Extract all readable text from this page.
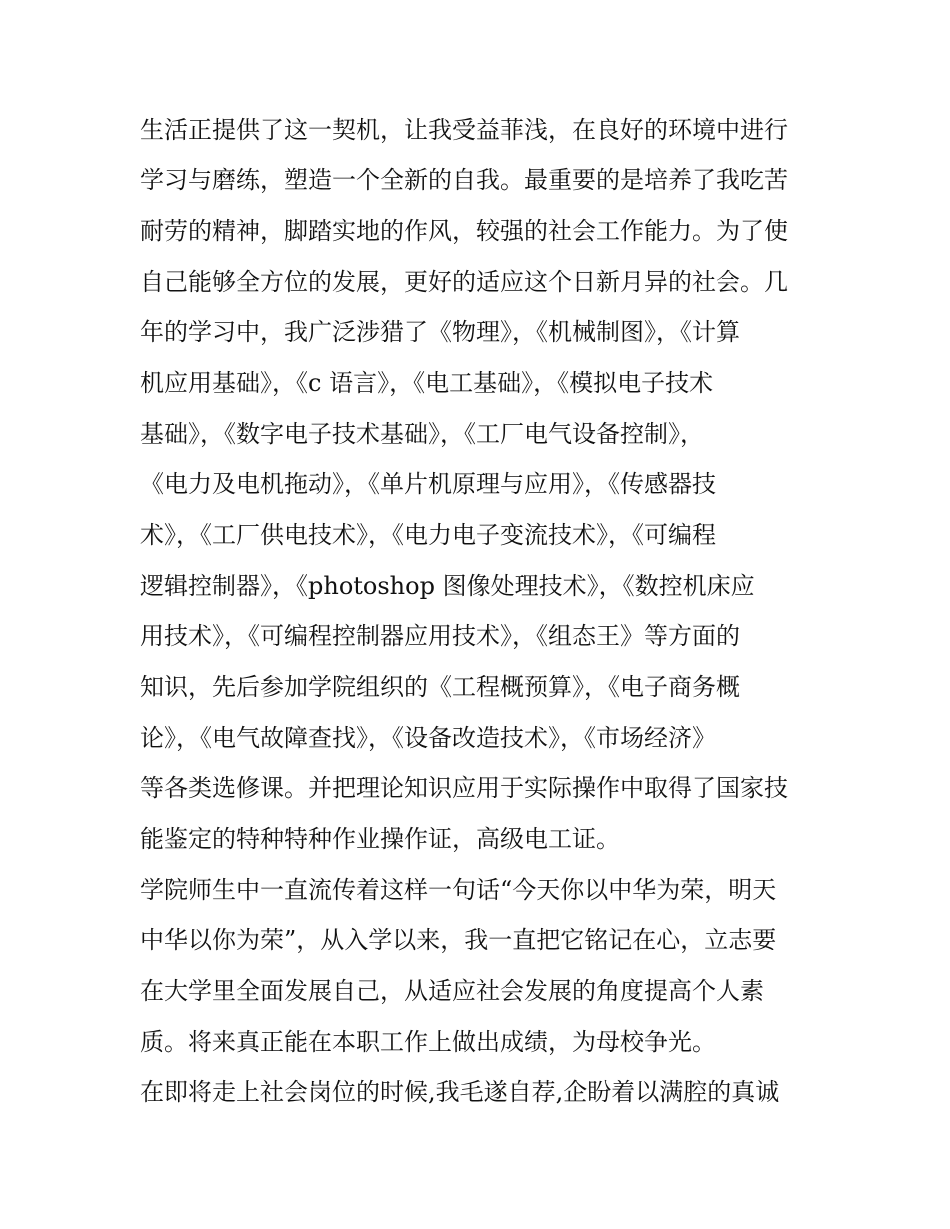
生活正提供了这一契机，让我受益菲浅，在良好的环境中进行
学习与磨练，塑造一个全新的自我。最重要的是培养了我吃苦
耐劳的精神，脚踏实地的作风，较强的社会工作能力。为了使
自己能够全方位的发展，更好的适应这个日新月异的社会。几
年的学习中，我广泛涉猎了《物理》，《机械制图》，《计算
机应用基础》，《c 语言》，《电工基础》，《模拟电子技术
基础》，《数字电子技术基础》，《工厂电气设备控制》，
《电力及电机拖动》，《单片机原理与应用》，《传感器技
术》，《工厂供电技术》，《电力电子变流技术》，《可编程
逻辑控制器》，《photoshop 图像处理技术》，《数控机床应
用技术》，《可编程控制器应用技术》，《组态王》等方面的
知识，先后参加学院组织的《工程概预算》，《电子商务概
论》，《电气故障查找》，《设备改造技术》，《市场经济》
等各类选修课。并把理论知识应用于实际操作中取得了国家技
能鉴定的特种特种作业操作证，高级电工证。
学院师生中一直流传着这样一句话“今天你以中华为荣，明天
中华以你为荣”，从入学以来，我一直把它铭记在心，立志要
在大学里全面发展自己，从适应社会发展的角度提高个人素
质。将来真正能在本职工作上做出成绩，为母校争光。
在即将走上社会岗位的时候,我毛遂自荐,企盼着以满腔的真诚
